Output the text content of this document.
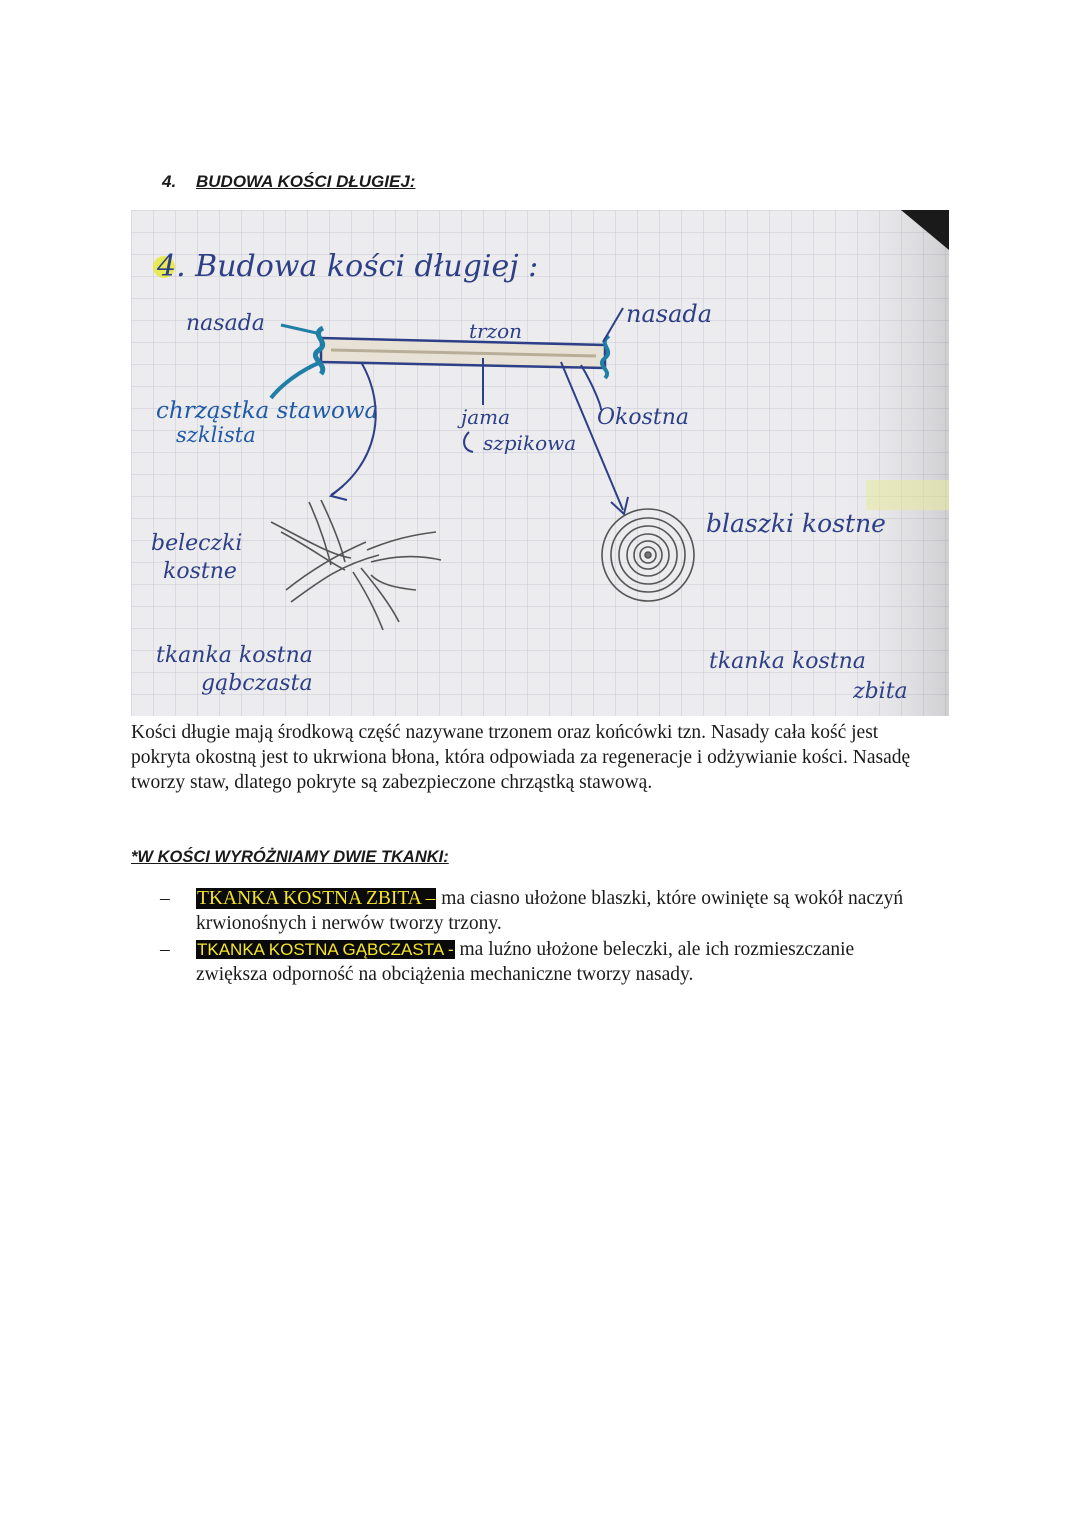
4. BUDOWA KOŚCI DŁUGIEJ:
4. Budowa kości długiej :
nasada	trzon
nasada
chrząstka stawowa
szklista
jama
szpikowa
Okostna
beleczki
kostne
blaszki kostne
tkanka kostna
gąbczasta
tkanka kostna
zbita

Kości długie mają środkową część nazywane trzonem oraz końcówki tzn. Nasady cała kość jest pokryta okostną jest to ukrwiona błona, która odpowiada za regeneracje i odżywianie kości. Nasadę tworzy staw, dlatego pokryte są zabezpieczone chrząstką stawową.

*W KOŚCI WYRÓŻNIAMY DWIE TKANKI:
– TKANKA KOSTNA ZBITA – ma ciasno ułożone blaszki, które owinięte są wokół naczyń krwionośnych i nerwów tworzy trzony.
– TKANKA KOSTNA GĄBCZASTA - ma luźno ułożone beleczki, ale ich rozmieszczanie zwiększa odporność na obciążenia mechaniczne tworzy nasady.
